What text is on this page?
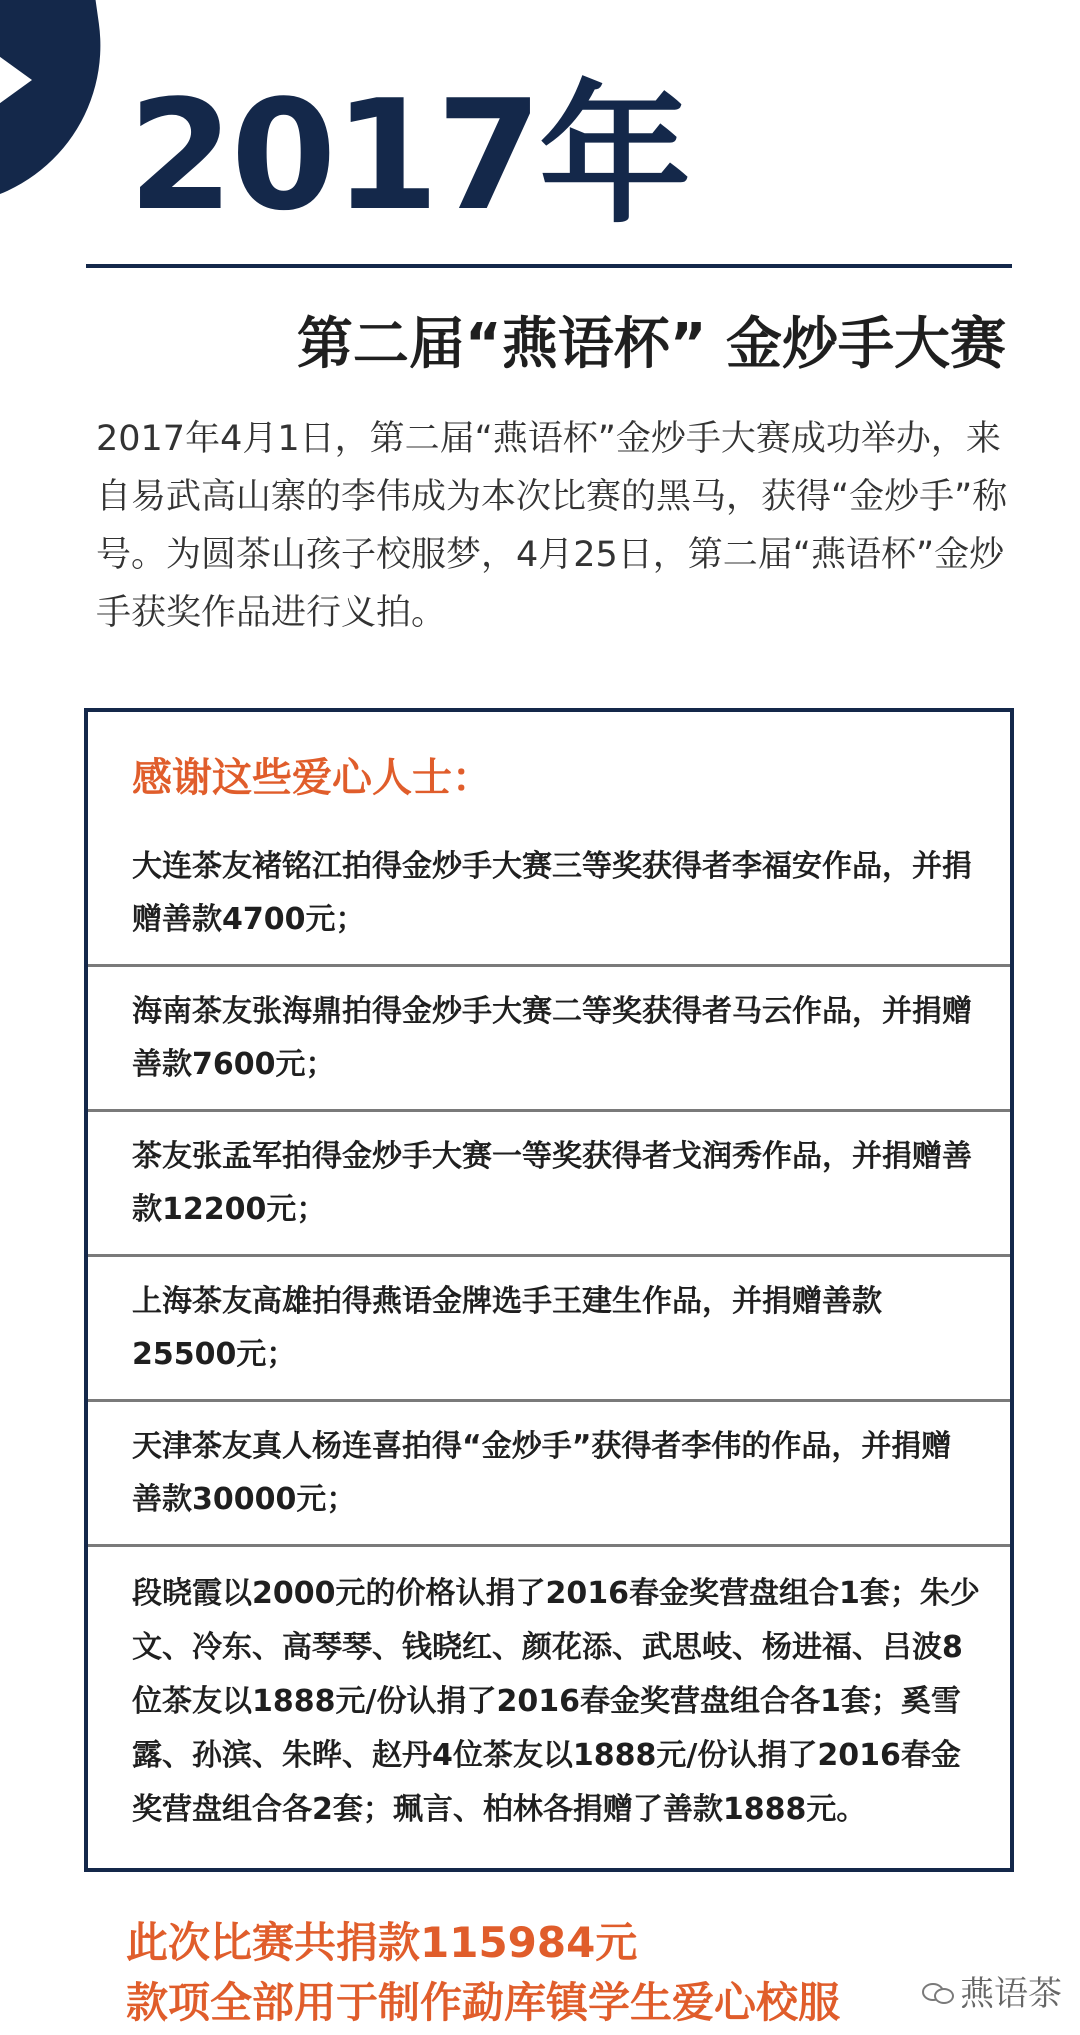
2017年
第二届“燕语杯” 金炒手大赛
2017年4月1日，第二届“燕语杯”金炒手大赛成功举办，来自易武高山寨的李伟成为本次比赛的黑马，获得“金炒手”称号。为圆茶山孩子校服梦，4月25日，第二届“燕语杯”金炒手获奖作品进行义拍。
感谢这些爱心人士：
大连茶友褚铭江拍得金炒手大赛三等奖获得者李福安作品，并捐赠善款4700元；
海南茶友张海鼎拍得金炒手大赛二等奖获得者马云作品，并捐赠善款7600元；
茶友张孟军拍得金炒手大赛一等奖获得者戈润秀作品，并捐赠善款12200元；
上海茶友高雄拍得燕语金牌选手王建生作品，并捐赠善款25500元；
天津茶友真人杨连喜拍得“金炒手”获得者李伟的作品，并捐赠善款30000元；
段晓霞以2000元的价格认捐了2016春金奖营盘组合1套；朱少文、冷东、高琴琴、钱晓红、颜花添、武思岐、杨进福、吕波8位茶友以1888元/份认捐了2016春金奖营盘组合各1套；奚雪露、孙滨、朱晔、赵丹4位茶友以1888元/份认捐了2016春金奖营盘组合各2套；珮言、柏林各捐赠了善款1888元。
此次比赛共捐款115984元
款项全部用于制作勐库镇学生爱心校服	燕语茶
